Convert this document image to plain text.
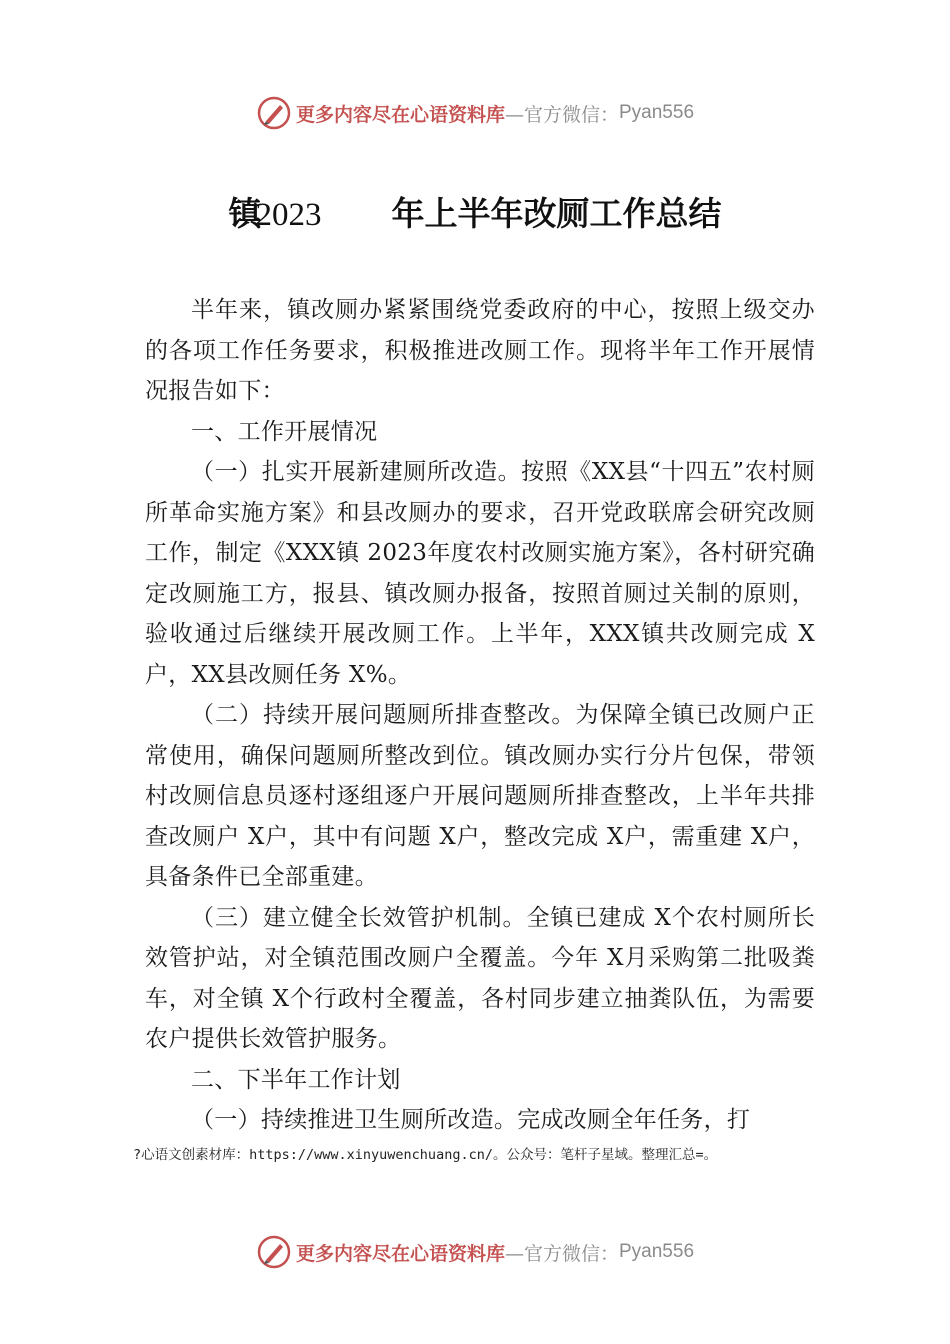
更多内容尽在心语资料库 —官方微信： Pyan556
镇2023 年上半年改厕工作总结

半年来，镇改厕办紧紧围绕党委政府的中心，按照上级交办的各项工作任务要求，积极推进改厕工作。现将半年工作开展情况报告如下：

一、工作开展情况

（一）扎实开展新建厕所改造。按照《XX县“十四五”农村厕所革命实施方案》和县改厕办的要求，召开党政联席会研究改厕工作，制定《XXX镇 2023年度农村改厕实施方案》，各村研究确定改厕施工方，报县、镇改厕办报备，按照首厕过关制的原则，验收通过后继续开展改厕工作。上半年，XXX镇共改厕完成 X户，XX县改厕任务 X%。

（二）持续开展问题厕所排查整改。为保障全镇已改厕户正常使用，确保问题厕所整改到位。镇改厕办实行分片包保，带领村改厕信息员逐村逐组逐户开展问题厕所排查整改，上半年共排查改厕户 X户，其中有问题 X户，整改完成 X户，需重建 X户，具备条件已全部重建。

（三）建立健全长效管护机制。全镇已建成 X个农村厕所长效管护站，对全镇范围改厕户全覆盖。今年 X月采购第二批吸粪车，对全镇 X个行政村全覆盖，各村同步建立抽粪队伍，为需要农户提供长效管护服务。

二、下半年工作计划

（一）持续推进卫生厕所改造。完成改厕全年任务，打

?心语文创素材库：https://www.xinyuwenchuang.cn/。公众号：笔杆子星域。整理汇总=。
更多内容尽在心语资料库 —官方微信： Pyan556
